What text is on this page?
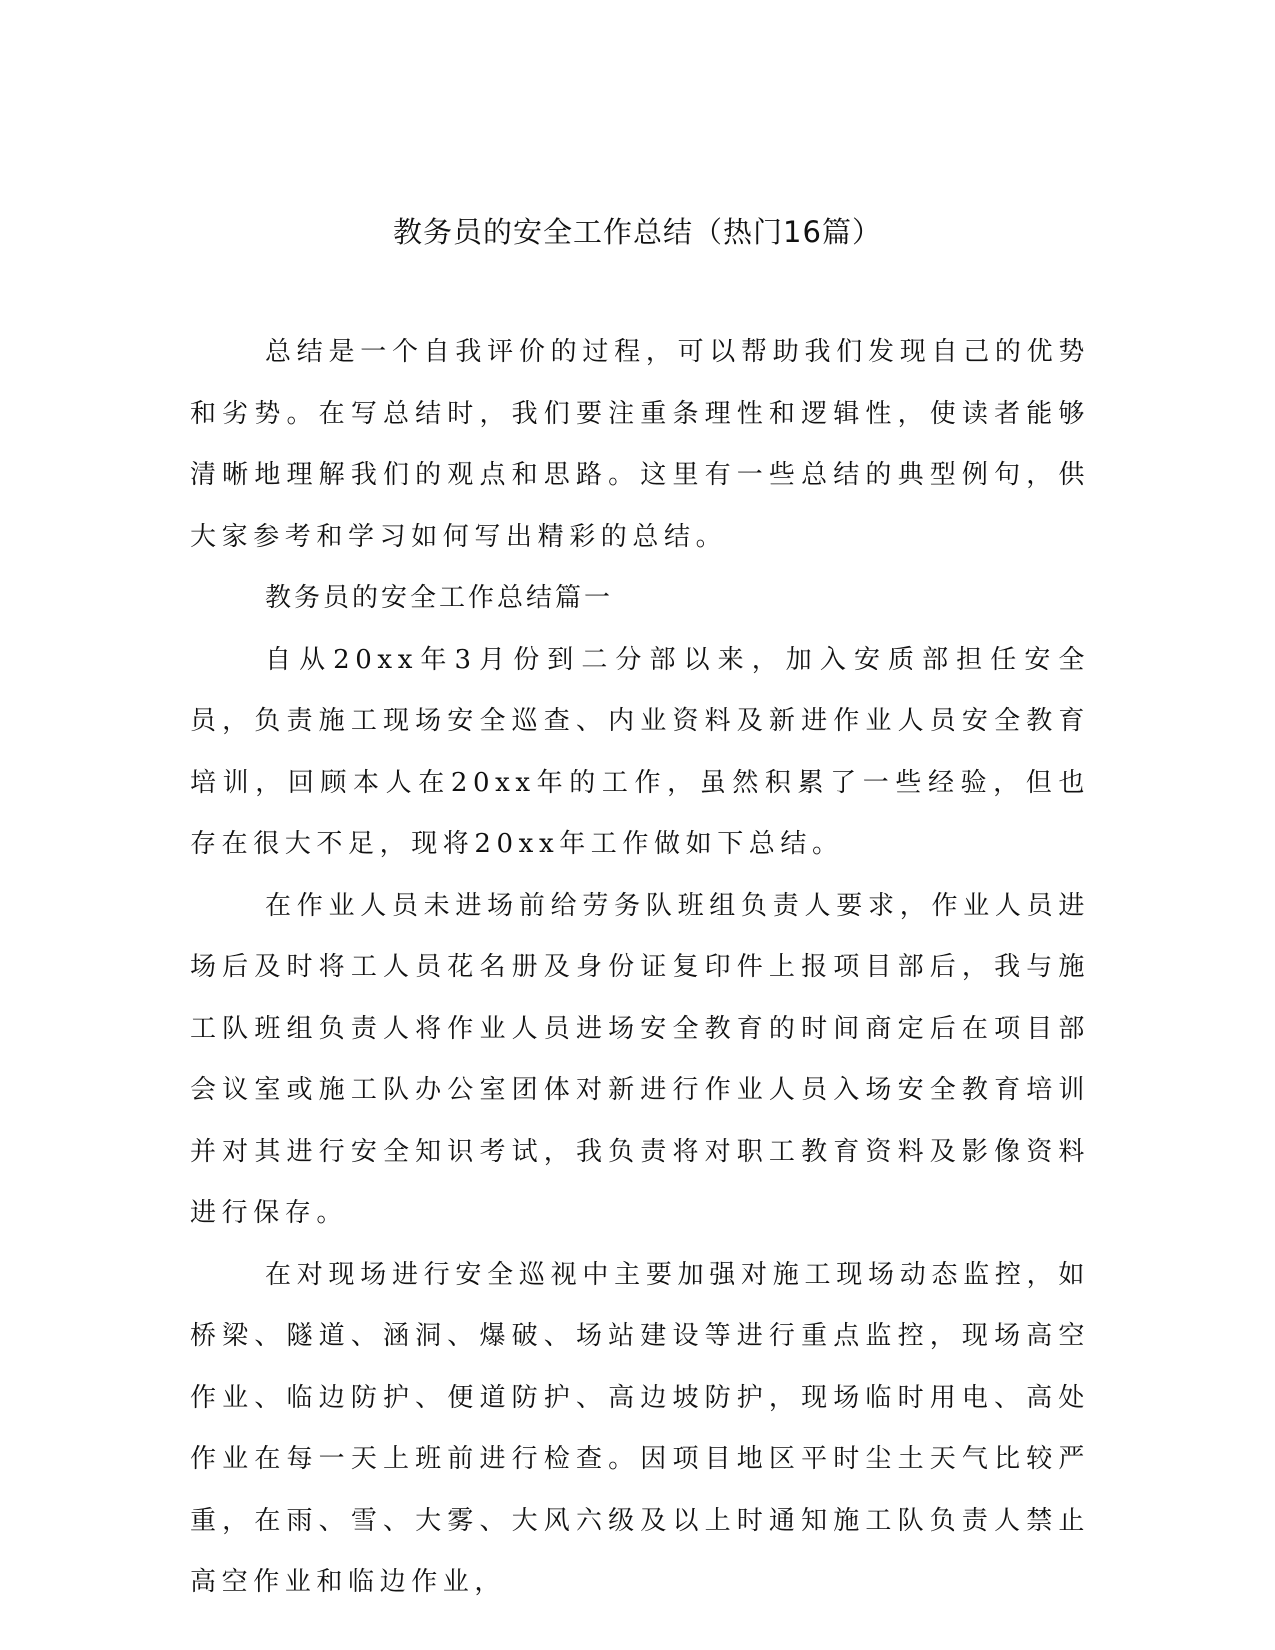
教务员的安全工作总结（热门16篇）

总结是一个自我评价的过程，可以帮助我们发现自己的优势和劣势。在写总结时，我们要注重条理性和逻辑性，使读者能够清晰地理解我们的观点和思路。这里有一些总结的典型例句，供大家参考和学习如何写出精彩的总结。

教务员的安全工作总结篇一

自从20xx年3月份到二分部以来，加入安质部担任安全员，负责施工现场安全巡查、内业资料及新进作业人员安全教育培训，回顾本人在20xx年的工作，虽然积累了一些经验，但也存在很大不足，现将20xx年工作做如下总结。

在作业人员未进场前给劳务队班组负责人要求，作业人员进场后及时将工人员花名册及身份证复印件上报项目部后，我与施工队班组负责人将作业人员进场安全教育的时间商定后在项目部会议室或施工队办公室团体对新进行作业人员入场安全教育培训并对其进行安全知识考试，我负责将对职工教育资料及影像资料进行保存。

在对现场进行安全巡视中主要加强对施工现场动态监控，如桥梁、隧道、涵洞、爆破、场站建设等进行重点监控，现场高空作业、临边防护、便道防护、高边坡防护，现场临时用电、高处作业在每一天上班前进行检查。因项目地区平时尘土天气比较严重，在雨、雪、大雾、大风六级及以上时通知施工队负责人禁止高空作业和临边作业，
